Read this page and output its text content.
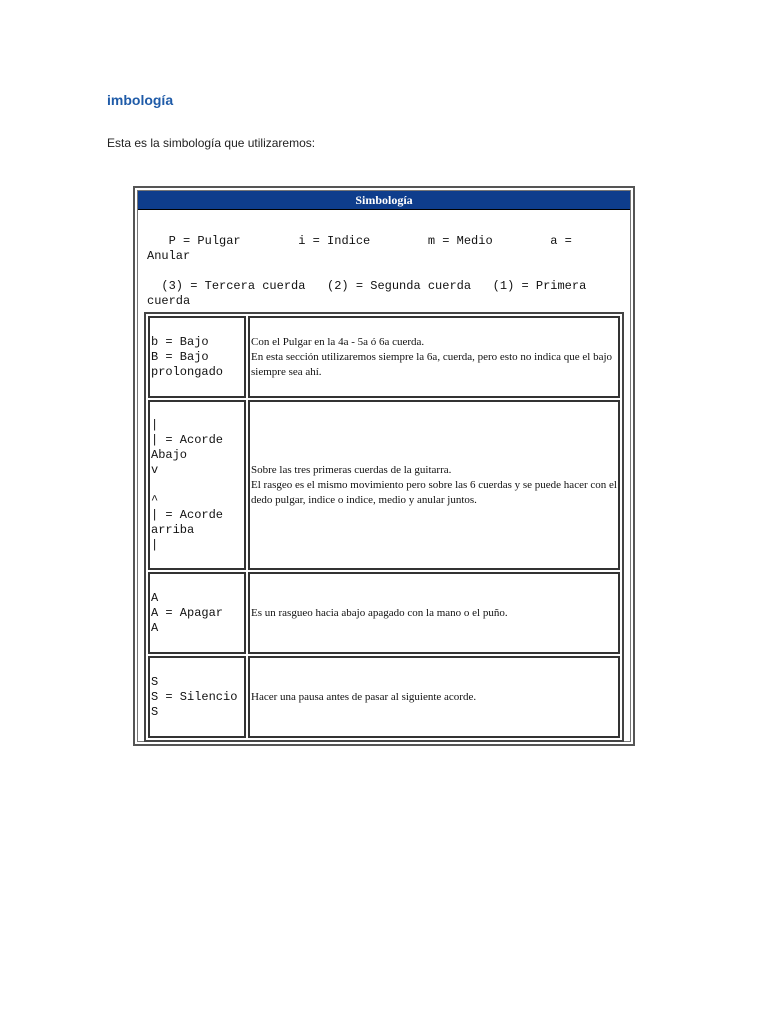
imbología
Esta es la simbología que utilizaremos:
Simbología
P = Pulgar        i = Indice        m = Medio        a = Anular
(3) = Tercera cuerda   (2) = Segunda cuerda   (1) = Primera cuerda
b = Bajo
B = Bajo
prolongado
Con el Pulgar en la 4a - 5a ó 6a cuerda.
En esta sección utilizaremos siempre la 6a, cuerda, pero esto no indica que el bajo siempre sea ahí.
|
| = Acorde
Abajo
v
^
| = Acorde
arriba
|
Sobre las tres primeras cuerdas de la guitarra.
El rasgeo es el mismo movimiento pero sobre las 6 cuerdas y se puede hacer con el dedo pulgar, indice o indice, medio y anular juntos.
A
A = Apagar
A
Es un rasgueo hacia abajo apagado con la mano o el puño.
S
S = Silencio
S
Hacer una pausa antes de pasar al siguiente acorde.
